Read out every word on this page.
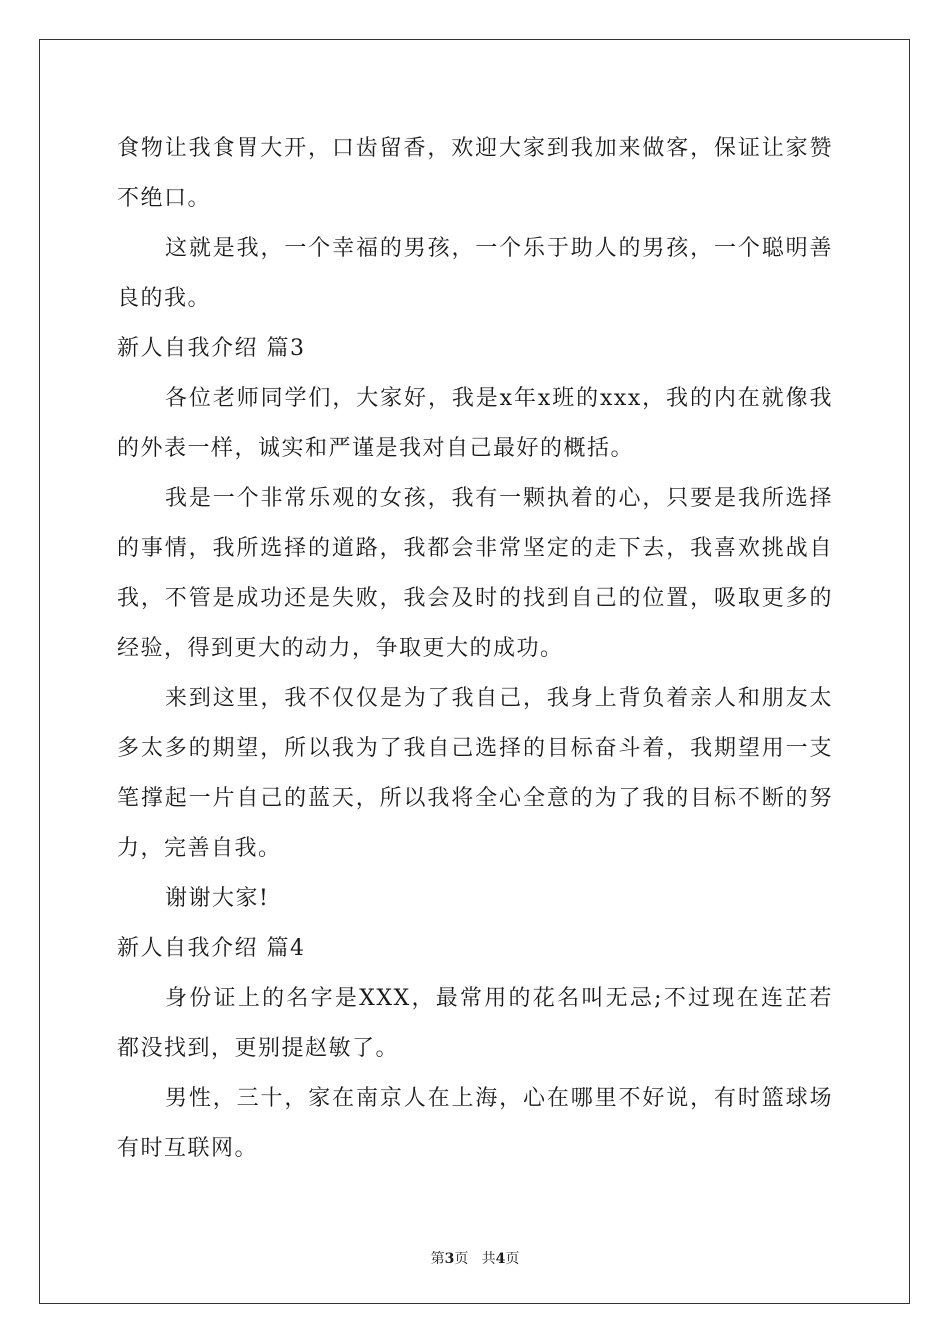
食物让我食胃大开，口齿留香，欢迎大家到我加来做客，保证让家赞不绝口。

这就是我，一个幸福的男孩，一个乐于助人的男孩，一个聪明善良的我。

新人自我介绍 篇3

各位老师同学们，大家好，我是x年x班的xxx，我的内在就像我的外表一样，诚实和严谨是我对自己最好的概括。

我是一个非常乐观的女孩，我有一颗执着的心，只要是我所选择的事情，我所选择的道路，我都会非常坚定的走下去，我喜欢挑战自我，不管是成功还是失败，我会及时的找到自己的位置，吸取更多的经验，得到更大的动力，争取更大的成功。

来到这里，我不仅仅是为了我自己，我身上背负着亲人和朋友太多太多的期望，所以我为了我自己选择的目标奋斗着，我期望用一支笔撑起一片自己的蓝天，所以我将全心全意的为了我的目标不断的努力，完善自我。

谢谢大家!

新人自我介绍 篇4

身份证上的名字是XXX，最常用的花名叫无忌;不过现在连芷若都没找到，更别提赵敏了。

男性，三十，家在南京人在上海，心在哪里不好说，有时篮球场有时互联网。

第3页 共4页
